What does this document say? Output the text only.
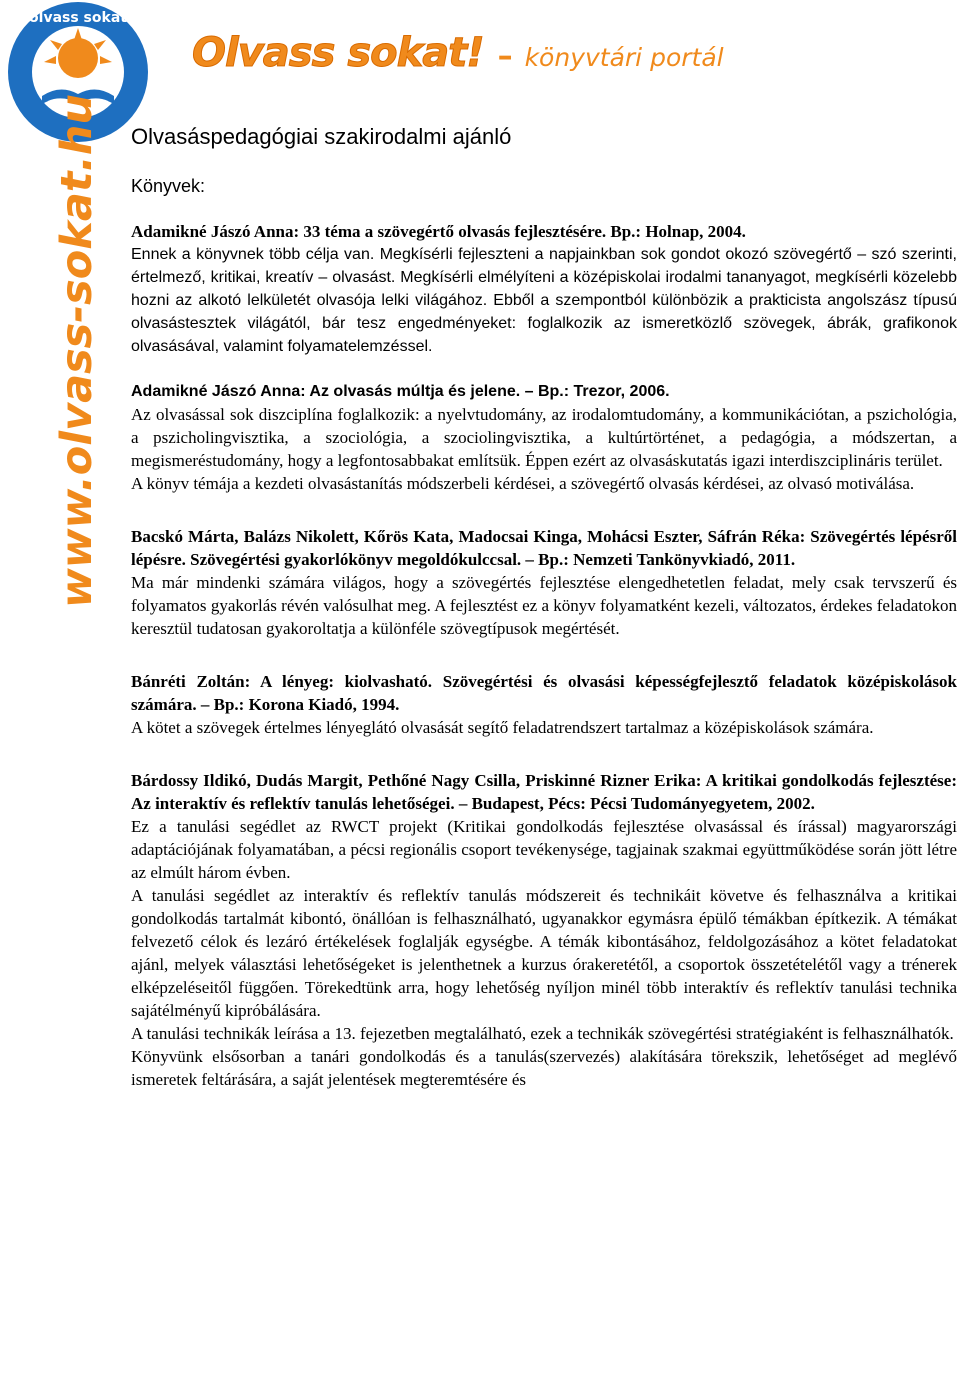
olvass sokat
Olvass sokat! – könyvtári portál
www.olvass-sokat.hu Olvasáspedagógiai szakirodalmi ajánló
Könyvek:
Adamikné Jászó Anna: 33 téma a szövegértő olvasás fejlesztésére. Bp.: Holnap, 2004.

Ennek a könyvnek több célja van. Megkísérli fejleszteni a napjainkban sok gondot okozó szövegértő – szó szerinti, értelmező, kritikai, kreatív – olvasást. Megkísérli elmélyíteni a középiskolai irodalmi tananyagot, megkísérli közelebb hozni az alkotó lelkületét olvasója lelki világához. Ebből a szempontból különbözik a prakticista angolszász típusú olvasástesztek világától, bár tesz engedményeket: foglalkozik az ismeretközlő szövegek, ábrák, grafikonok olvasásával, valamint folyamatelemzéssel.

Adamikné Jászó Anna: Az olvasás múltja és jelene. – Bp.: Trezor, 2006.

Az olvasással sok diszciplína foglalkozik: a nyelvtudomány, az irodalomtudomány, a kommunikációtan, a pszichológia, a pszicholingvisztika, a szociológia, a szociolingvisztika, a kultúrtörténet, a pedagógia, a módszertan, a megismeréstudomány, hogy a legfontosabbakat említsük. Éppen ezért az olvasáskutatás igazi interdiszciplináris terület.

A könyv témája a kezdeti olvasástanítás módszerbeli kérdései, a szövegértő olvasás kérdései, az olvasó motiválása.

Bacskó Márta, Balázs Nikolett, Kőrös Kata, Madocsai Kinga, Mohácsi Eszter, Sáfrán Réka: Szövegértés lépésről lépésre. Szövegértési gyakorlókönyv megoldókulccsal. – Bp.: Nemzeti Tankönyvkiadó, 2011.

Ma már mindenki számára világos, hogy a szövegértés fejlesztése elengedhetetlen feladat, mely csak tervszerű és folyamatos gyakorlás révén valósulhat meg. A fejlesztést ez a könyv folyamatként kezeli, változatos, érdekes feladatokon keresztül tudatosan gyakoroltatja a különféle szövegtípusok megértését.

Bánréti Zoltán: A lényeg: kiolvasható. Szövegértési és olvasási képességfejlesztő feladatok középiskolások számára. – Bp.: Korona Kiadó, 1994.

A kötet a szövegek értelmes lényeglátó olvasását segítő feladatrendszert tartalmaz a középiskolások számára.

Bárdossy Ildikó, Dudás Margit, Pethőné Nagy Csilla, Priskinné Rizner Erika: A kritikai gondolkodás fejlesztése: Az interaktív és reflektív tanulás lehetőségei. – Budapest, Pécs: Pécsi Tudományegyetem, 2002.

Ez a tanulási segédlet az RWCT projekt (Kritikai gondolkodás fejlesztése olvasással és írással) magyarországi adaptációjának folyamatában, a pécsi regionális csoport tevékenysége, tagjainak szakmai együttműködése során jött létre az elmúlt három évben.

A tanulási segédlet az interaktív és reflektív tanulás módszereit és technikáit követve és felhasználva a kritikai gondolkodás tartalmát kibontó, önállóan is felhasználható, ugyanakkor egymásra épülő témákban építkezik. A témákat felvezető célok és lezáró értékelések foglalják egységbe. A témák kibontásához, feldolgozásához a kötet feladatokat ajánl, melyek választási lehetőségeket is jelenthetnek a kurzus órakeretétől, a csoportok összetételétől vagy a trénerek elképzeléseitől függően. Törekedtünk arra, hogy lehetőség nyíljon minél több interaktív és reflektív tanulási technika sajátélményű kipróbálására.

A tanulási technikák leírása a 13. fejezetben megtalálható, ezek a technikák szövegértési stratégiaként is felhasználhatók.

Könyvünk elsősorban a tanári gondolkodás és a tanulás(szervezés) alakítására törekszik, lehetőséget ad meglévő ismeretek feltárására, a saját jelentések megteremtésére és
